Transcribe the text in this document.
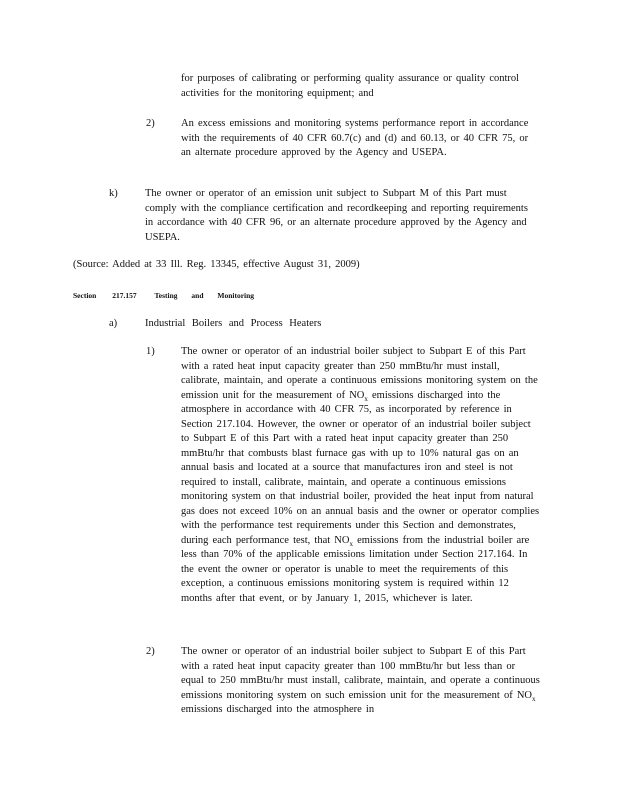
for purposes of calibrating or performing quality assurance or quality control activities for the monitoring equipment; and
2)	An excess emissions and monitoring systems performance report in accordance with the requirements of 40 CFR 60.7(c) and (d) and 60.13, or 40 CFR 75, or an alternate procedure approved by the Agency and USEPA.
k)	The owner or operator of an emission unit subject to Subpart M of this Part must comply with the compliance certification and recordkeeping and reporting requirements in accordance with 40 CFR 96, or an alternate procedure approved by the Agency and USEPA.
(Source: Added at 33 Ill. Reg. 13345, effective August 31, 2009)
Section 217.157 Testing and Monitoring
a)	Industrial Boilers and Process Heaters
1)	The owner or operator of an industrial boiler subject to Subpart E of this Part with a rated heat input capacity greater than 250 mmBtu/hr must install, calibrate, maintain, and operate a continuous emissions monitoring system on the emission unit for the measurement of $NO_x$ emissions discharged into the atmosphere in accordance with 40 CFR 75, as incorporated by reference in Section 217.104. However, the owner or operator of an industrial boiler subject to Subpart E of this Part with a rated heat input capacity greater than 250 mmBtu/hr that combusts blast furnace gas with up to 10% natural gas on an annual basis and located at a source that manufactures iron and steel is not required to install, calibrate, maintain, and operate a continuous emissions monitoring system on that industrial boiler, provided the heat input from natural gas does not exceed 10% on an annual basis and the owner or operator complies with the performance test requirements under this Section and demonstrates, during each performance test, that $NO_x$ emissions from the industrial boiler are less than 70% of the applicable emissions limitation under Section 217.164. In the event the owner or operator is unable to meet the requirements of this exception, a continuous emissions monitoring system is required within 12 months after that event, or by January 1, 2015, whichever is later.
2)	The owner or operator of an industrial boiler subject to Subpart E of this Part with a rated heat input capacity greater than 100 mmBtu/hr but less than or equal to 250 mmBtu/hr must install, calibrate, maintain, and operate a continuous emissions monitoring system on such emission unit for the measurement of $NO_x$ emissions discharged into the atmosphere in
